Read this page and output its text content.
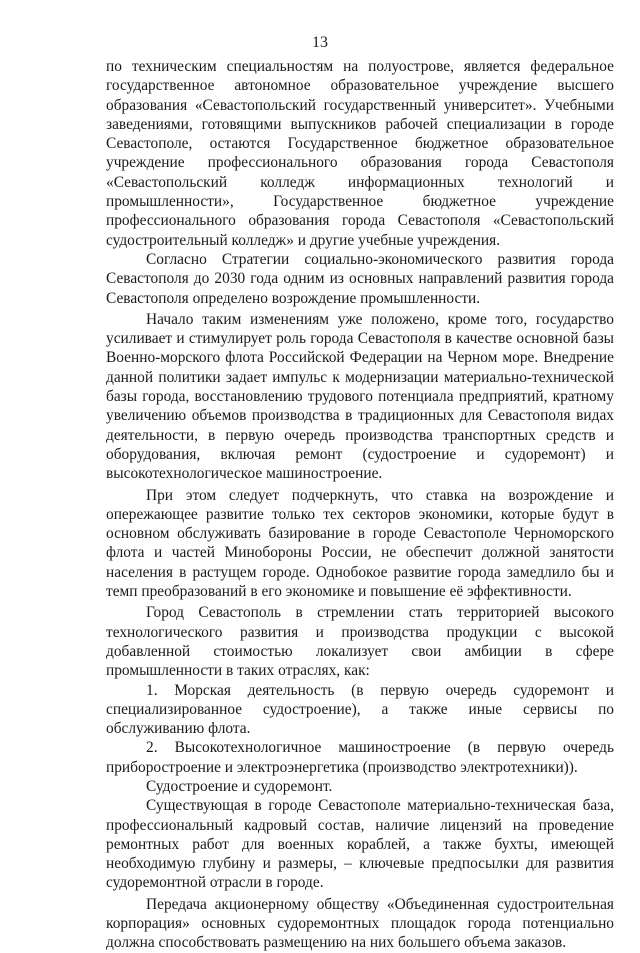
13

по техническим специальностям на полуострове, является федеральное государственное автономное образовательное учреждение высшего образования «Севастопольский государственный университет». Учебными заведениями, готовящими выпускников рабочей специализации в городе Севастополе, остаются Государственное бюджетное образовательное учреждение профессионального образования города Севастополя «Севастопольский колледж информационных технологий и промышленности», Государственное бюджетное учреждение профессионального образования города Севастополя «Севастопольский судостроительный колледж» и другие учебные учреждения.

Согласно Стратегии социально-экономического развития города Севастополя до 2030 года одним из основных направлений развития города Севастополя определено возрождение промышленности.

Начало таким изменениям уже положено, кроме того, государство усиливает и стимулирует роль города Севастополя в качестве основной базы Военно-морского флота Российской Федерации на Черном море. Внедрение данной политики задает импульс к модернизации материально-технической базы города, восстановлению трудового потенциала предприятий, кратному увеличению объемов производства в традиционных для Севастополя видах деятельности, в первую очередь производства транспортных средств и оборудования, включая ремонт (судостроение и судоремонт) и высокотехнологическое машиностроение.

При этом следует подчеркнуть, что ставка на возрождение и опережающее развитие только тех секторов экономики, которые будут в основном обслуживать базирование в городе Севастополе Черноморского флота и частей Минобороны России, не обеспечит должной занятости населения в растущем городе. Однобокое развитие города замедлило бы и темп преобразований в его экономике и повышение её эффективности.

Город Севастополь в стремлении стать территорией высокого технологического развития и производства продукции с высокой добавленной стоимостью локализует свои амбиции в сфере промышленности в таких отраслях, как:

1. Морская деятельность (в первую очередь судоремонт и специализированное судостроение), а также иные сервисы по обслуживанию флота.

2. Высокотехнологичное машиностроение (в первую очередь приборостроение и электроэнергетика (производство электротехники)).

Судостроение и судоремонт.

Существующая в городе Севастополе материально-техническая база, профессиональный кадровый состав, наличие лицензий на проведение ремонтных работ для военных кораблей, а также бухты, имеющей необходимую глубину и размеры, – ключевые предпосылки для развития судоремонтной отрасли в городе.

Передача акционерному обществу «Объединенная судостроительная корпорация» основных судоремонтных площадок города потенциально должна способствовать размещению на них большего объема заказов.
